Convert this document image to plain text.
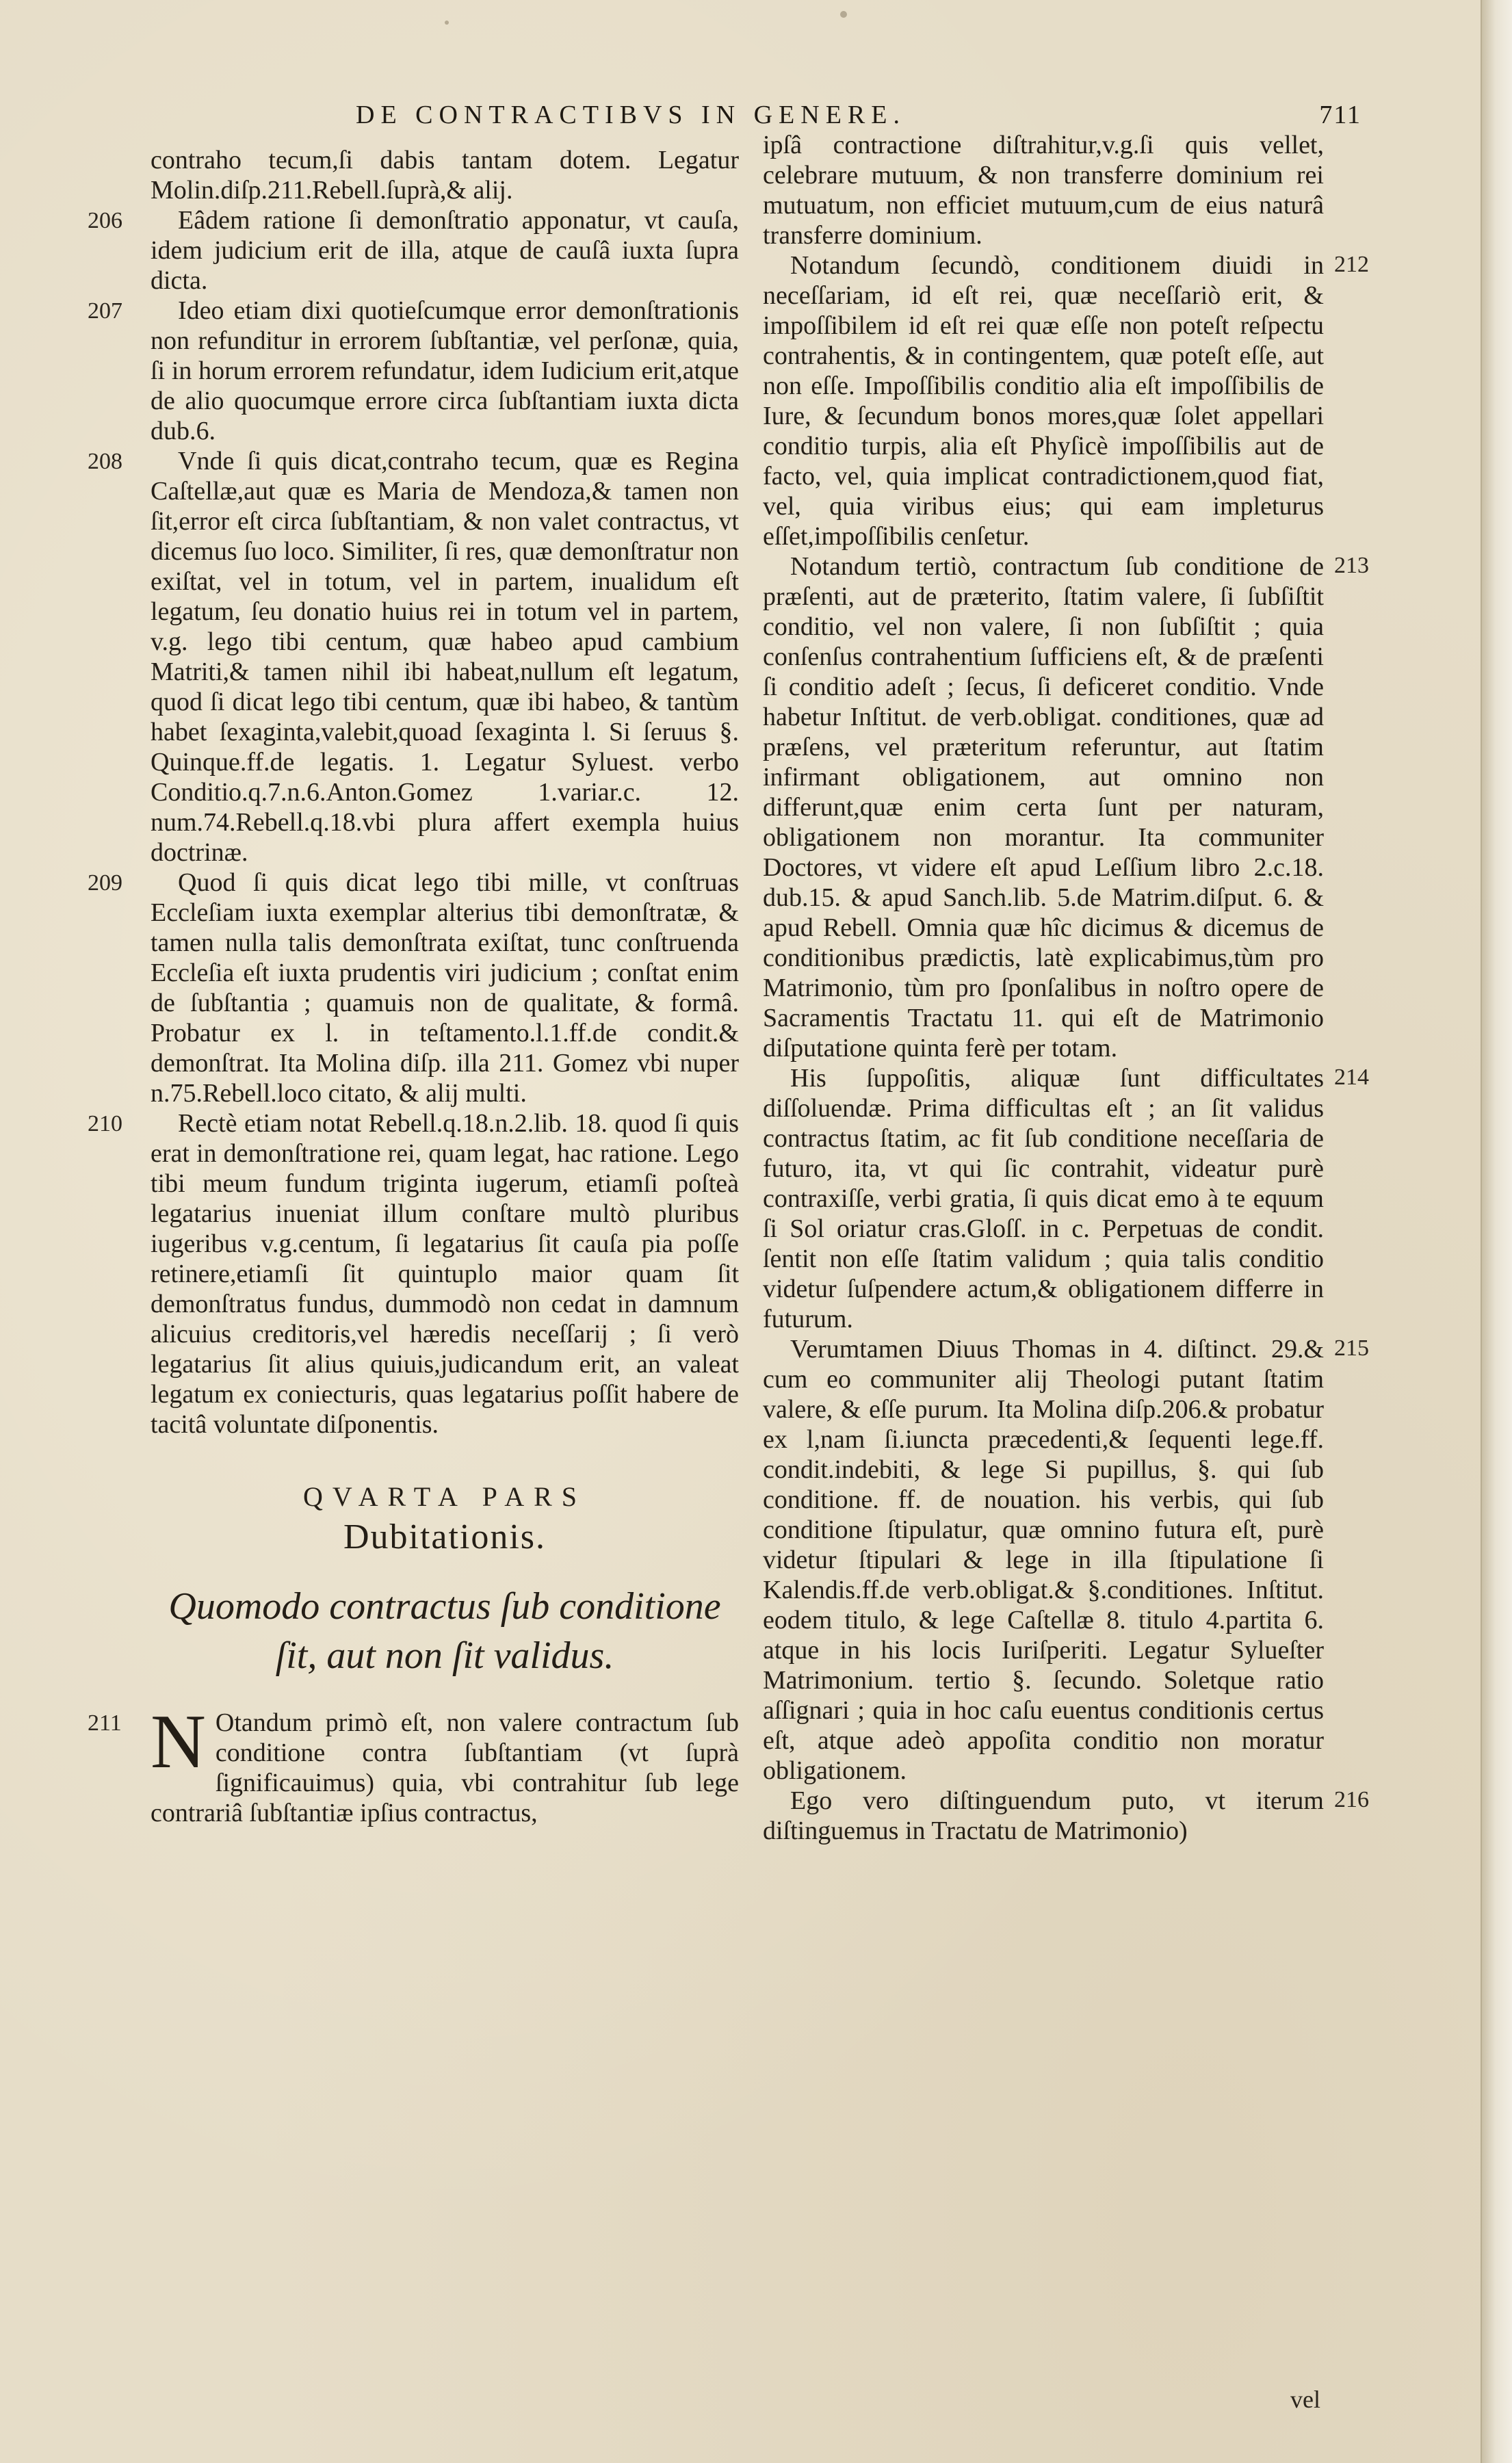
DE CONTRACTIBVS IN GENERE.	711

contraho tecum,ſi dabis tantam dotem. Legatur Molin.diſp.211.Rebell.ſuprà,& alij.

206	Eâdem ratione ſi demonſtratio apponatur, vt cauſa, idem judicium erit de illa, atque de cauſâ iuxta ſupra dicta.

207	Ideo etiam dixi quotieſcumque error demonſtrationis non refunditur in errorem ſubſtantiæ, vel perſonæ, quia, ſi in horum errorem refundatur, idem Iudicium erit,atque de alio quocumque errore circa ſubſtantiam iuxta dicta dub.6.

208	Vnde ſi quis dicat,contraho tecum, quæ es Regina Caſtellæ,aut quæ es Maria de Mendoza,& tamen non ſit,error eſt circa ſubſtantiam, & non valet contractus, vt dicemus ſuo loco. Similiter, ſi res, quæ demonſtratur non exiſtat, vel in totum, vel in partem, inualidum eſt legatum, ſeu donatio huius rei in totum vel in partem, v.g. lego tibi centum, quæ habeo apud cambium Matriti,& tamen nihil ibi habeat,nullum eſt legatum, quod ſi dicat lego tibi centum, quæ ibi habeo, & tantùm habet ſexaginta,valebit,quoad ſexaginta l. Si ſeruus §. Quinque.ff.de legatis. 1. Legatur Syluest. verbo Conditio.q.7.n.6.Anton.Gomez 1.variar.c. 12. num.74.Rebell.q.18.vbi plura affert exempla huius doctrinæ.

209	Quod ſi quis dicat lego tibi mille, vt conſtruas Eccleſiam iuxta exemplar alterius tibi demonſtratæ, & tamen nulla talis demonſtrata exiſtat, tunc conſtruenda Eccleſia eſt iuxta prudentis viri judicium ; conſtat enim de ſubſtantia ; quamuis non de qualitate, & formâ. Probatur ex l. in teſtamento.l.1.ff.de condit.& demonſtrat. Ita Molina diſp. illa 211. Gomez vbi nuper n.75.Rebell.loco citato, & alij multi.

210	Rectè etiam notat Rebell.q.18.n.2.lib. 18. quod ſi quis erat in demonſtratione rei, quam legat, hac ratione. Lego tibi meum fundum triginta iugerum, etiamſi poſteà legatarius inueniat illum conſtare multò pluribus iugeribus v.g.centum, ſi legatarius ſit cauſa pia poſſe retinere,etiamſi ſit quintuplo maior quam ſit demonſtratus fundus, dummodò non cedat in damnum alicuius creditoris,vel hæredis neceſſarij ; ſi verò legatarius ſit alius quiuis,judicandum erit, an valeat legatum ex coniecturis, quas legatarius poſſit habere de tacitâ voluntate diſponentis.

QVARTA PARS
Dubitationis.
Quomodo contractus ſub conditione ſit, aut non ſit validus.
211 N Otandum primò eſt, non valere contractum ſub conditione contra ſubſtantiam (vt ſuprà ſignificauimus) quia, vbi contrahitur ſub lege contrariâ ſubſtantiæ ipſius contractus,

ipſâ contractione diſtrahitur,v.g.ſi quis vellet, celebrare mutuum, & non transferre dominium rei mutuatum, non efficiet mutuum,cum de eius naturâ transferre dominium.

212

Notandum ſecundò, conditionem diuidi in neceſſariam, id eſt rei, quæ neceſſariò erit, & impoſſibilem id eſt rei quæ eſſe non poteſt reſpectu contrahentis, & in contingentem, quæ poteſt eſſe, aut non eſſe. Impoſſibilis conditio alia eſt impoſſibilis de Iure, & ſecundum bonos mores,quæ ſolet appellari conditio turpis, alia eſt Phyſicè impoſſibilis aut de facto, vel, quia implicat contradictionem,quod fiat, vel, quia viribus eius; qui eam impleturus eſſet,impoſſibilis cenſetur.

213

Notandum tertiò, contractum ſub conditione de præſenti, aut de præterito, ſtatim valere, ſi ſubſiſtit conditio, vel non valere, ſi non ſubſiſtit ; quia conſenſus contrahentium ſufficiens eſt, & de præſenti ſi conditio adeſt ; ſecus, ſi deficeret conditio. Vnde habetur Inſtitut. de verb.obligat. conditiones, quæ ad præſens, vel præteritum referuntur, aut ſtatim infirmant obligationem, aut omnino non differunt,quæ enim certa ſunt per naturam, obligationem non morantur. Ita communiter Doctores, vt videre eſt apud Leſſium libro 2.c.18. dub.15. & apud Sanch.lib. 5.de Matrim.diſput. 6. & apud Rebell. Omnia quæ hîc dicimus & dicemus de conditionibus prædictis, latè explicabimus,tùm pro Matrimonio, tùm pro ſponſalibus in noſtro opere de Sacramentis Tractatu 11. qui eſt de Matrimonio diſputatione quinta ferè per totam.

214

His ſuppoſitis, aliquæ ſunt difficultates diſſoluendæ. Prima difficultas eſt ; an ſit validus contractus ſtatim, ac fit ſub conditione neceſſaria de futuro, ita, vt qui ſic contrahit, videatur purè contraxiſſe, verbi gratia, ſi quis dicat emo à te equum ſi Sol oriatur cras.Gloſſ. in c. Perpetuas de condit. ſentit non eſſe ſtatim validum ; quia talis conditio videtur ſuſpendere actum,& obligationem differre in futurum.

215

Verumtamen Diuus Thomas in 4. diſtinct. 29.& cum eo communiter alij Theologi putant ſtatim valere, & eſſe purum. Ita Molina diſp.206.& probatur ex l,nam ſi.iuncta præcedenti,& ſequenti lege.ff. condit.indebiti, & lege Si pupillus, §. qui ſub conditione. ff. de nouation. his verbis, qui ſub conditione ſtipulatur, quæ omnino futura eſt, purè videtur ſtipulari & lege in illa ſtipulatione ſi Kalendis.ff.de verb.obligat.& §.conditiones. Inſtitut. eodem titulo, & lege Caſtellæ 8. titulo 4.partita 6. atque in his locis Iuriſperiti. Legatur Sylueſter Matrimonium. tertio §. ſecundo. Soletque ratio aſſignari ; quia in hoc caſu euentus conditionis certus eſt, atque adeò appoſita conditio non moratur obligationem.

216

Ego vero diſtinguendum puto, vt iterum diſtinguemus in Tractatu de Matrimonio)

vel
